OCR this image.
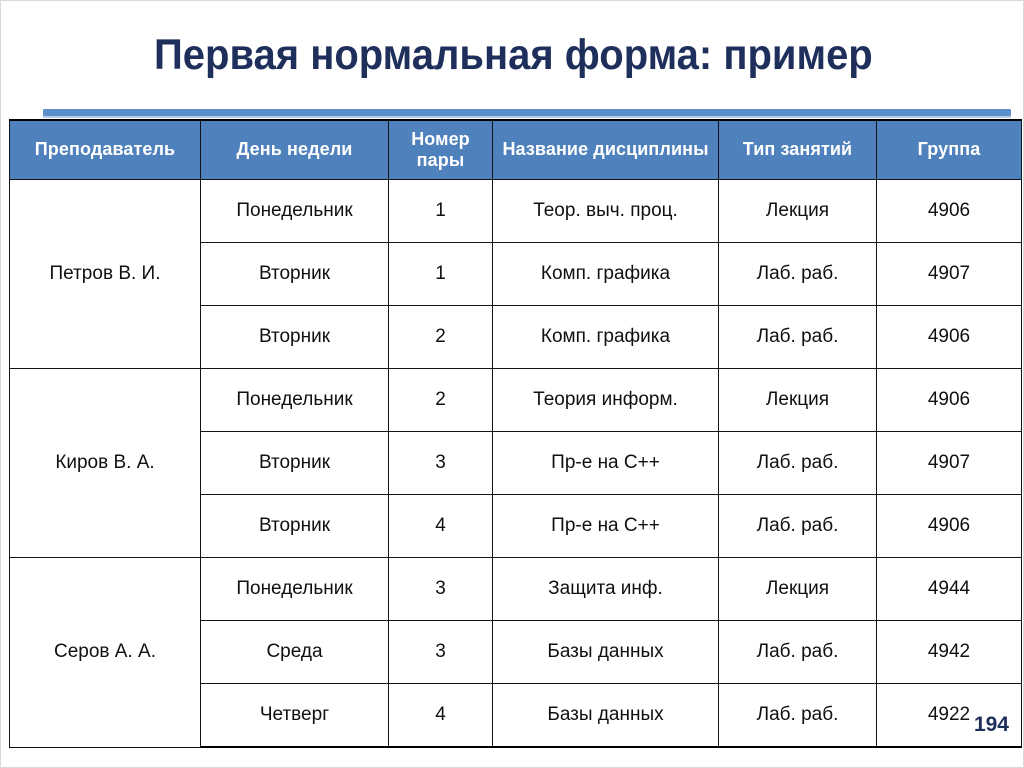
Первая нормальная форма: пример
Преподаватель	День недели	Номер пары	Название дисциплины	Тип занятий	Группа
Петров В. И.	Понедельник	1	Теор. выч. проц.	Лекция	4906
	Вторник	1	Комп. графика	Лаб. раб.	4907
	Вторник	2	Комп. графика	Лаб. раб.	4906
Киров В. А.	Понедельник	2	Теория информ.	Лекция	4906
	Вторник	3	Пр-е на С++	Лаб. раб.	4907
	Вторник	4	Пр-е на С++	Лаб. раб.	4906
Серов А. А.	Понедельник	3	Защита инф.	Лекция	4944
	Среда	3	Базы данных	Лаб. раб.	4942
	Четверг	4	Базы данных	Лаб. раб.	4922 194
